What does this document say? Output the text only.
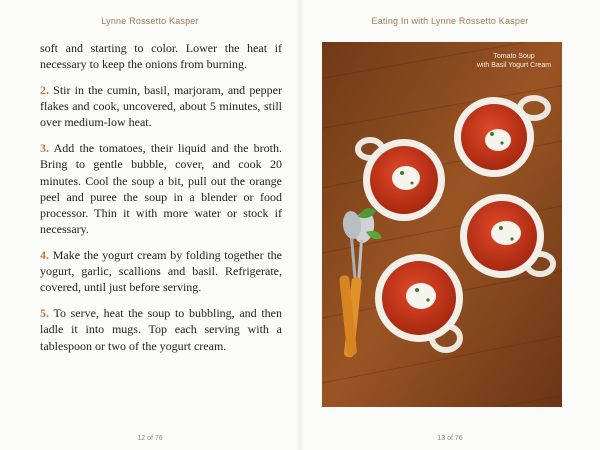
Lynne Rossetto Kasper

soft and starting to color. Lower the heat if necessary to keep the onions from burning.

2. Stir in the cumin, basil, marjoram, and pepper flakes and cook, uncovered, about 5 minutes, still over medium-low heat.

3. Add the tomatoes, their liquid and the broth. Bring to gentle bubble, cover, and cook 20 minutes. Cool the soup a bit, pull out the orange peel and puree the soup in a blender or food processor. Thin it with more water or stock if necessary.

4. Make the yogurt cream by folding together the yogurt, garlic, scallions and basil. Refrigerate, covered, until just before serving.

5. To serve, heat the soup to bubbling, and then ladle it into mugs. Top each serving with a tablespoon or two of the yogurt cream.

12 of 76
Eating In with Lynne Rossetto Kasper
13 of 76
Tomato Soup
with Basil Yogurt Cream
